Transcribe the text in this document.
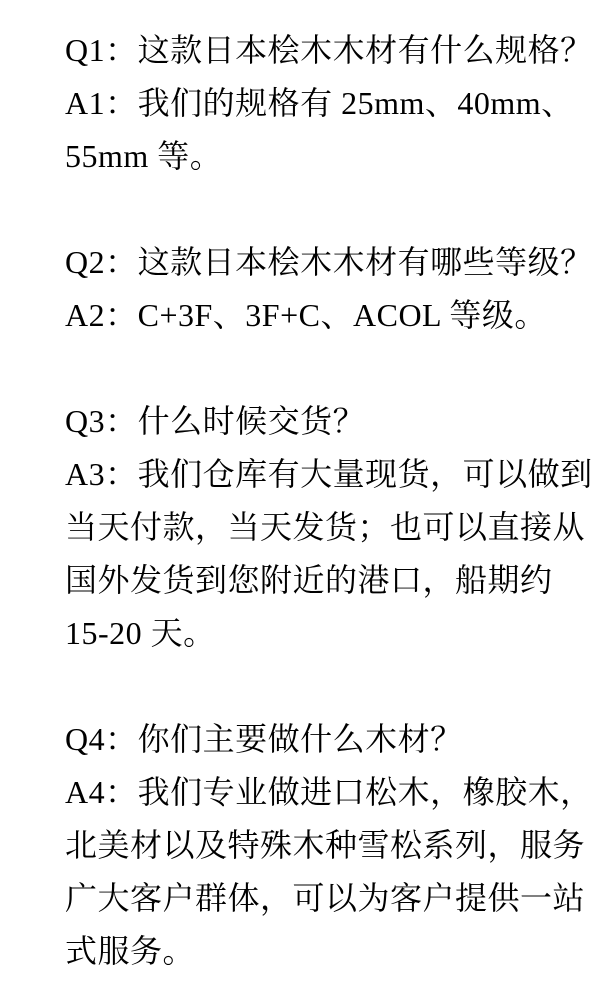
Q1：这款日本桧木木材有什么规格？
A1：我们的规格有 25mm、40mm、
55mm 等。
Q2：这款日本桧木木材有哪些等级？
A2：C+3F、3F+C、ACOL 等级。
Q3：什么时候交货？
A3：我们仓库有大量现货，可以做到
当天付款，当天发货；也可以直接从
国外发货到您附近的港口，船期约
15-20 天。
Q4：你们主要做什么木材？
A4：我们专业做进口松木，橡胶木，
北美材以及特殊木种雪松系列，服务
广大客户群体，可以为客户提供一站
式服务。
